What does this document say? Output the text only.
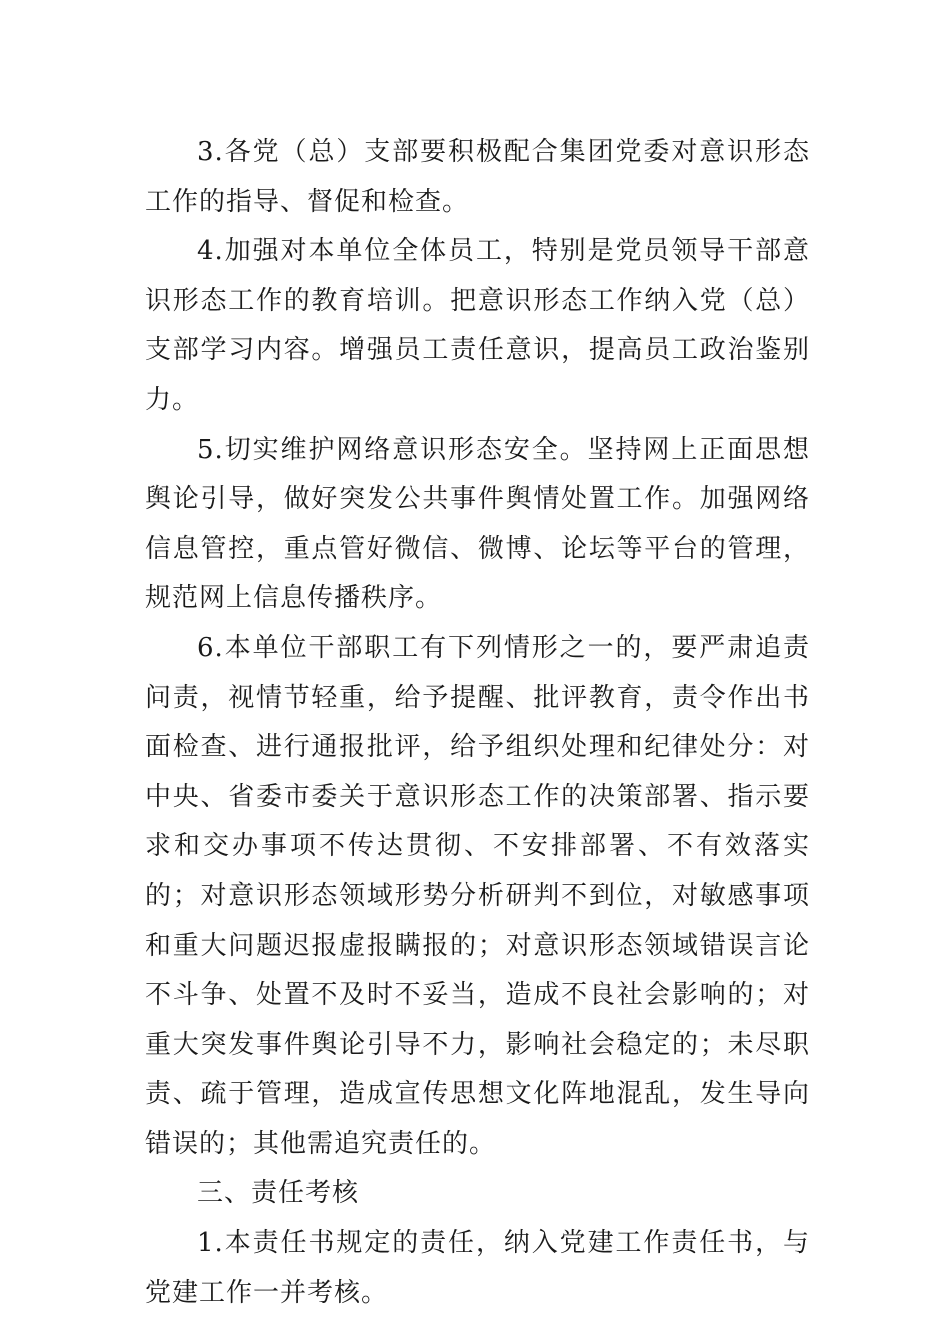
3.各党（总）支部要积极配合集团党委对意识形态工作的指导、督促和检查。

4.加强对本单位全体员工，特别是党员领导干部意识形态工作的教育培训。把意识形态工作纳入党（总）支部学习内容。增强员工责任意识，提高员工政治鉴别力。

5.切实维护网络意识形态安全。坚持网上正面思想舆论引导，做好突发公共事件舆情处置工作。加强网络信息管控，重点管好微信、微博、论坛等平台的管理，规范网上信息传播秩序。

6.本单位干部职工有下列情形之一的，要严肃追责问责，视情节轻重，给予提醒、批评教育，责令作出书面检查、进行通报批评，给予组织处理和纪律处分：对中央、省委市委关于意识形态工作的决策部署、指示要求和交办事项不传达贯彻、不安排部署、不有效落实的；对意识形态领域形势分析研判不到位，对敏感事项和重大问题迟报虚报瞒报的；对意识形态领域错误言论不斗争、处置不及时不妥当，造成不良社会影响的；对重大突发事件舆论引导不力，影响社会稳定的；未尽职责、疏于管理，造成宣传思想文化阵地混乱，发生导向错误的；其他需追究责任的。

三、责任考核

1.本责任书规定的责任，纳入党建工作责任书，与党建工作一并考核。
